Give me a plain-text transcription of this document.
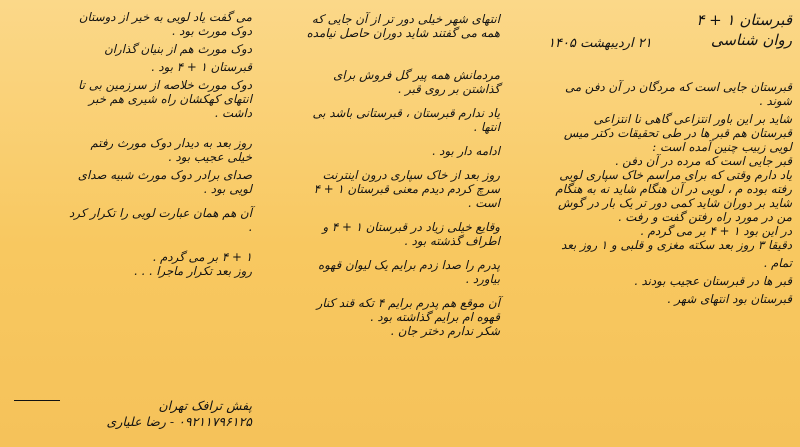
قبرستان ۱ + ۴
روان شناسی
۲۱ اردیبهشت ۱۴۰۵

قبرستان جایی است که مردگان در آن دفن می

شوند .

شاید بر این باور انتزاعی گاهی نا انتزاعی

قبرستان هم قبر ها در طی تحقیقات دکتر میس

لویی زبیب چنین آمده است :

قبر جایی است که مرده در آن دفن .

یاد دارم وقتی که برای مراسم خاک سپاری لویی

رفته بوده م ، لویی در آن هنگام شاید نه به هنگام

شاید بر دوران شاید کمی دور تر یک بار در گوش

من در مورد راه رفتن گفت و رفت .

در این بود ۱ + ۴ بر می گردم .

دقیقا ۳ روز بعد سکته مغزی و قلبی و ۱ روز بعد

تمام .

قبر ها در قبرستان عجیب بودند .

قبرستان بود انتهای شهر .

انتهای شهر خیلی دور تر از آن جایی که

همه می گفتند شاید دوران حاصل نیامده

مردمانش همه پیر گل فروش برای

گذاشتن بر روی قبر .

یاد ندارم قبرستان ، قبرستانی باشد بی

انتها .

ادامه دار بود .

روز بعد از خاک سپاری درون اینترنت

سرچ کردم دیدم معنی قبرستان ۱ + ۴

است .

وقایع خیلی زیاد در قبرستان ۱ + ۴ و

اطراف گذشته بود .

پدرم را صدا زدم برایم یک لیوان قهوه

بیاورد .

آن موقع هم پدرم برایم ۴ تکه قند کنار

قهوه ام برایم گذاشته بود .

شکر ندارم دختر جان .

می گفت یاد لویی به خیر از دوستان

دوک مورث بود .

دوک مورث هم از بنیان گذاران

قبرستان ۱ + ۴ بود .

دوک مورث خلاصه از سرزمین بی تا

انتهای کهکشان راه شیری هم خبر

داشت .

روز بعد به دیدار دوک مورث رفتم

خیلی عجیب بود .

صدای برادر دوک مورث شبیه صدای

لویی بود .

آن هم همان عبارت لویی را تکرار کرد

.

۱ + ۴ بر می گردم .

روز بعد تکرار ماجرا . . .

پفش ترافک تهران
۰۹۲۱۱۷۹۶۱۲۵ - رضا علیاری
